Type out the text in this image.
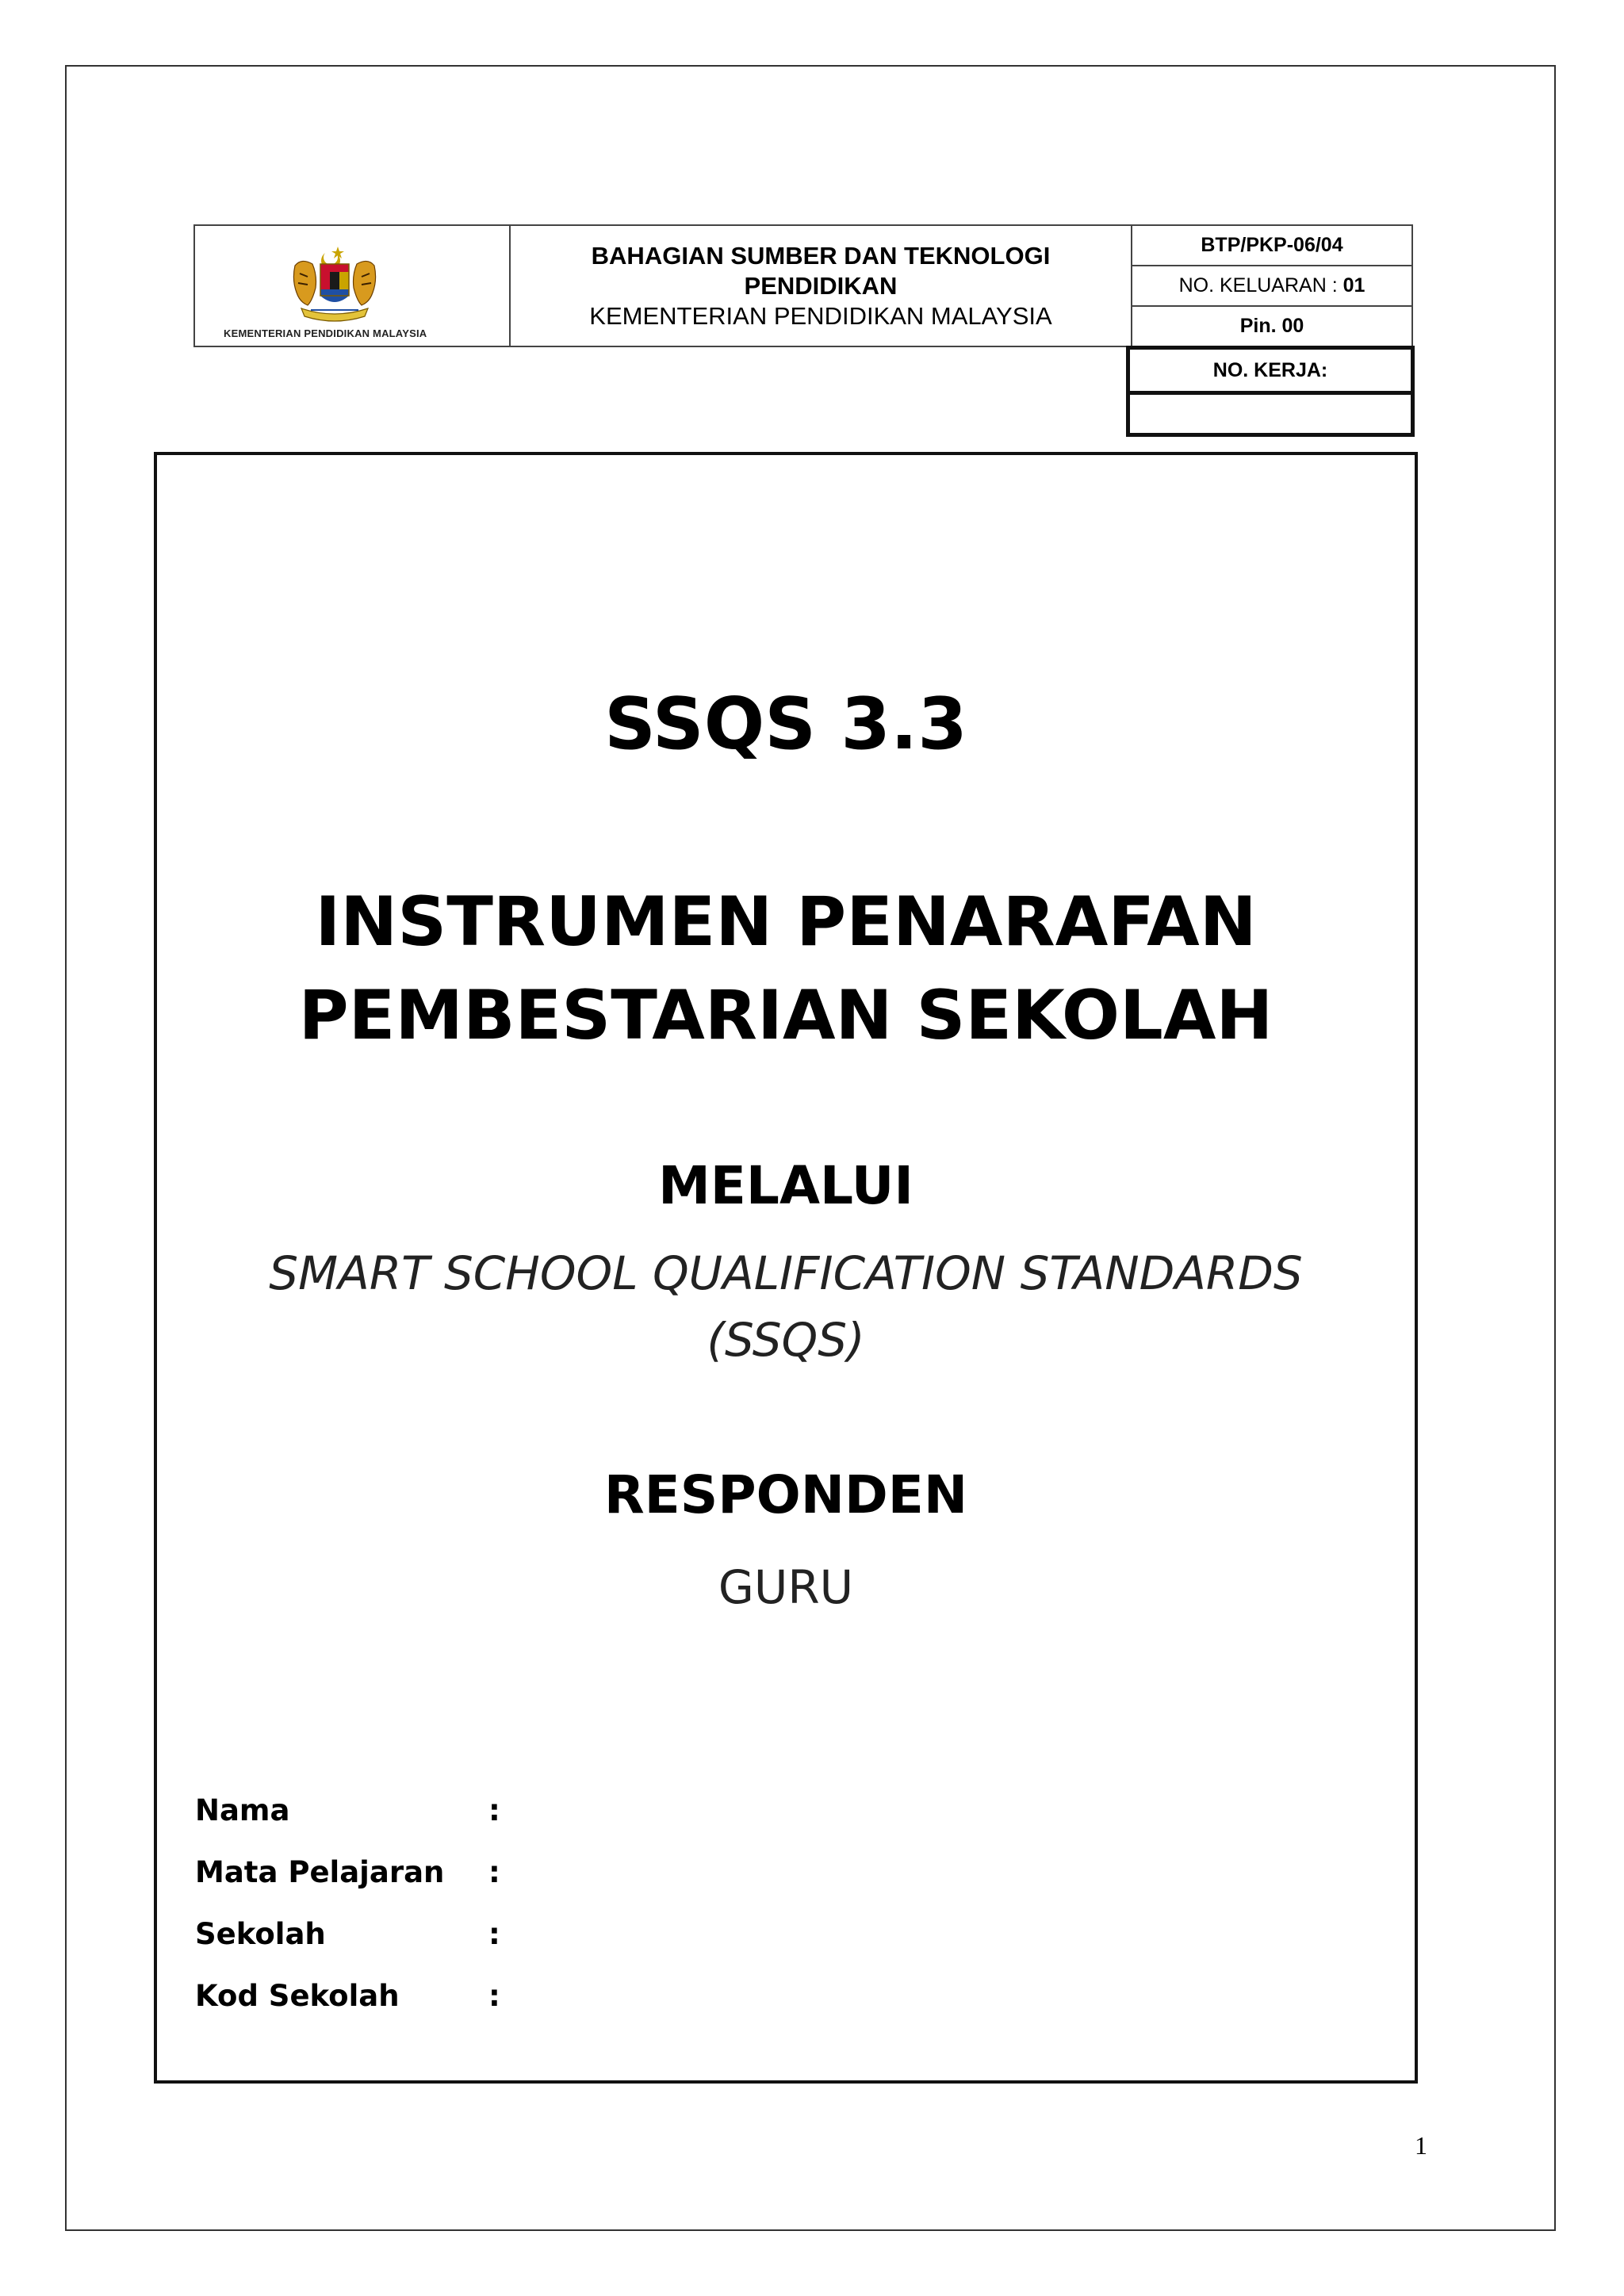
KEMENTERIAN PENDIDIKAN MALAYSIA
BAHAGIAN SUMBER DAN TEKNOLOGI PENDIDIKAN
KEMENTERIAN PENDIDIKAN MALAYSIA
BTP/PKP-06/04
NO. KELUARAN : 01
Pin. 00
NO. KERJA:
SSQS 3.3
INSTRUMEN PENARAFAN
PEMBESTARIAN SEKOLAH
MELALUI
SMART SCHOOL QUALIFICATION STANDARDS
(SSQS)
RESPONDEN
GURU
Nama	:
Mata Pelajaran	:
Sekolah	:
Kod Sekolah	:
1
